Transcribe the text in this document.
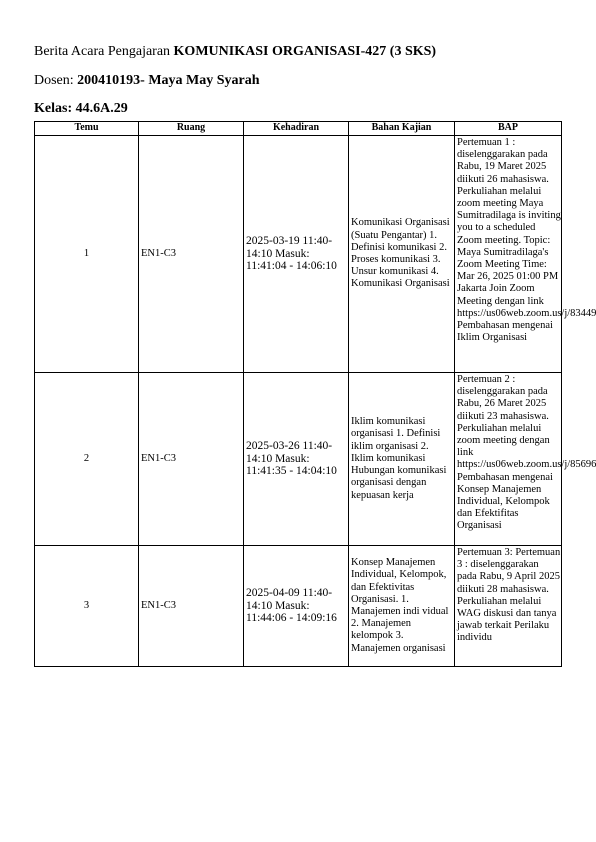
Berita Acara Pengajaran KOMUNIKASI ORGANISASI-427 (3 SKS)
Dosen: 200410193- Maya May Syarah
Kelas: 44.6A.29
Temu	Ruang	Kehadiran	Bahan Kajian	BAP
1	EN1-C3	2025-03-19 11:40-14:10 Masuk: 11:41:04 - 14:06:10	Komunikasi Organisasi (Suatu Pengantar) 1. Definisi komunikasi 2. Proses komunikasi 3. Unsur komunikasi 4. Komunikasi Organisasi	Pertemuan 1 : diselenggarakan pada Rabu, 19 Maret 2025 diikuti 26 mahasiswa. Perkuliahan melalui zoom meeting Maya Sumitradilaga is inviting you to a scheduled Zoom meeting. Topic: Maya Sumitradilaga's Zoom Meeting Time: Mar 26, 2025 01:00 PM Jakarta Join Zoom Meeting dengan link https://us06web.zoom.us/j/83449 Pembahasan mengenai Iklim Organisasi
2	EN1-C3	2025-03-26 11:40-14:10 Masuk: 11:41:35 - 14:04:10	Iklim komunikasi organisasi 1. Definisi iklim organisasi 2. Iklim komunikasi Hubungan komunikasi organisasi dengan kepuasan kerja	Pertemuan 2 : diselenggarakan pada Rabu, 26 Maret 2025 diikuti 23 mahasiswa. Perkuliahan melalui zoom meeting dengan link https://us06web.zoom.us/j/85696 Pembahasan mengenai Konsep Manajemen Individual, Kelompok dan Efektifitas Organisasi
3	EN1-C3	2025-04-09 11:40-14:10 Masuk: 11:44:06 - 14:09:16	Konsep Manajemen Individual, Kelompok, dan Efektivitas Organisasi. 1. Manajemen indi vidual 2. Manajemen kelompok 3. Manajemen organisasi	Pertemuan 3: Pertemuan 3 : diselenggarakan pada Rabu, 9 April 2025 diikuti 28 mahasiswa. Perkuliahan melalui WAG diskusi dan tanya jawab terkait Perilaku individu
